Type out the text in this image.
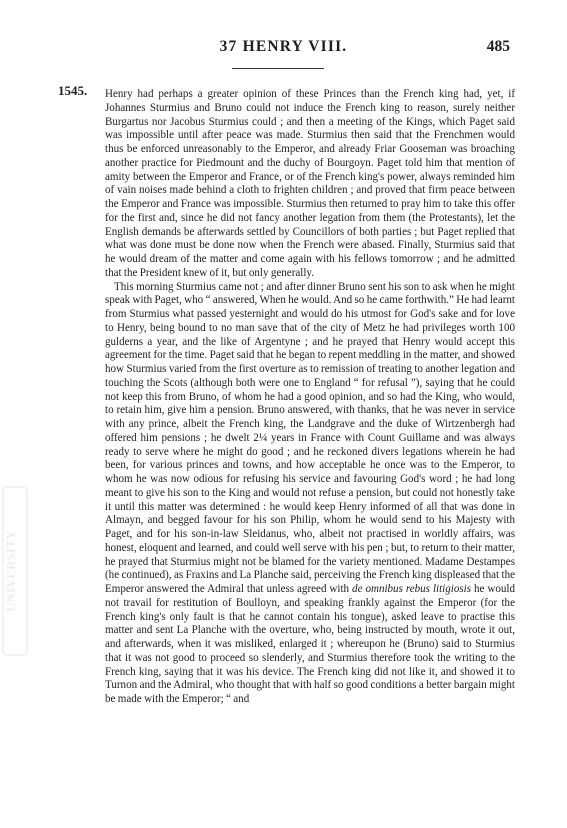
37 HENRY VIII.	485
1545. Henry had perhaps a greater opinion of these Princes than the French king had, yet, if Johannes Sturmius and Bruno could not induce the French king to reason, surely neither Burgartus nor Jacobus Sturmius could ; and then a meeting of the Kings, which Paget said was impossible until after peace was made. Sturmius then said that the Frenchmen would thus be enforced unreasonably to the Emperor, and already Friar Gooseman was broaching another practice for Piedmount and the duchy of Bourgoyn. Paget told him that mention of amity between the Emperor and France, or of the French king's power, always reminded him of vain noises made behind a cloth to frighten children ; and proved that firm peace between the Emperor and France was impossible. Sturmius then returned to pray him to take this offer for the first and, since he did not fancy another legation from them (the Protestants), let the English demands be afterwards settled by Councillors of both parties ; but Paget replied that what was done must be done now when the French were abased. Finally, Sturmius said that he would dream of the matter and come again with his fellows tomorrow ; and he admitted that the President knew of it, but only generally.

This morning Sturmius came not ; and after dinner Bruno sent his son to ask when he might speak with Paget, who “ answered, When he would. And so he came forthwith.” He had learnt from Sturmius what passed yesternight and would do his utmost for God's sake and for love to Henry, being bound to no man save that of the city of Metz he had privileges worth 100 gulderns a year, and the like of Argentyne ; and he prayed that Henry would accept this agreement for the time. Paget said that he began to repent meddling in the matter, and showed how Sturmius varied from the first overture as to remission of treating to another legation and touching the Scots (although both were one to England “ for refusal ”), saying that he could not keep this from Bruno, of whom he had a good opinion, and so had the King, who would, to retain him, give him a pension. Bruno answered, with thanks, that he was never in service with any prince, albeit the French king, the Landgrave and the duke of Wirtzenbergh had offered him pensions ; he dwelt 2¼ years in France with Count Guillame and was always ready to serve where he might do good ; and he reckoned divers legations wherein he had been, for various princes and towns, and how acceptable he once was to the Emperor, to whom he was now odious for refusing his service and favouring God's word ; he had long meant to give his son to the King and would not refuse a pension, but could not honestly take it until this matter was determined : he would keep Henry informed of all that was done in Almayn, and begged favour for his son Philip, whom he would send to his Majesty with Paget, and for his son-in-law Sleidanus, who, albeit not practised in worldly affairs, was honest, eloquent and learned, and could well serve with his pen ; but, to return to their matter, he prayed that Sturmius might not be blamed for the variety mentioned. Madame Destampes (he continued), as Fraxins and La Planche said, perceiving the French king displeased that the Emperor answered the Admiral that unless agreed with de omnibus rebus litigiosis he would not travail for restitution of Boulloyn, and speaking frankly against the Emperor (for the French king's only fault is that he cannot contain his tongue), asked leave to practise this matter and sent La Planche with the overture, who, being instructed by mouth, wrote it out, and afterwards, when it was misliked, enlarged it ; whereupon he (Bruno) said to Sturmius that it was not good to proceed so slenderly, and Sturmius therefore took the writing to the French king, saying that it was his device. The French king did not like it, and showed it to Turnon and the Admiral, who thought that with half so good conditions a better bargain might be made with the Emperor; “ and

UNIVERSITY
